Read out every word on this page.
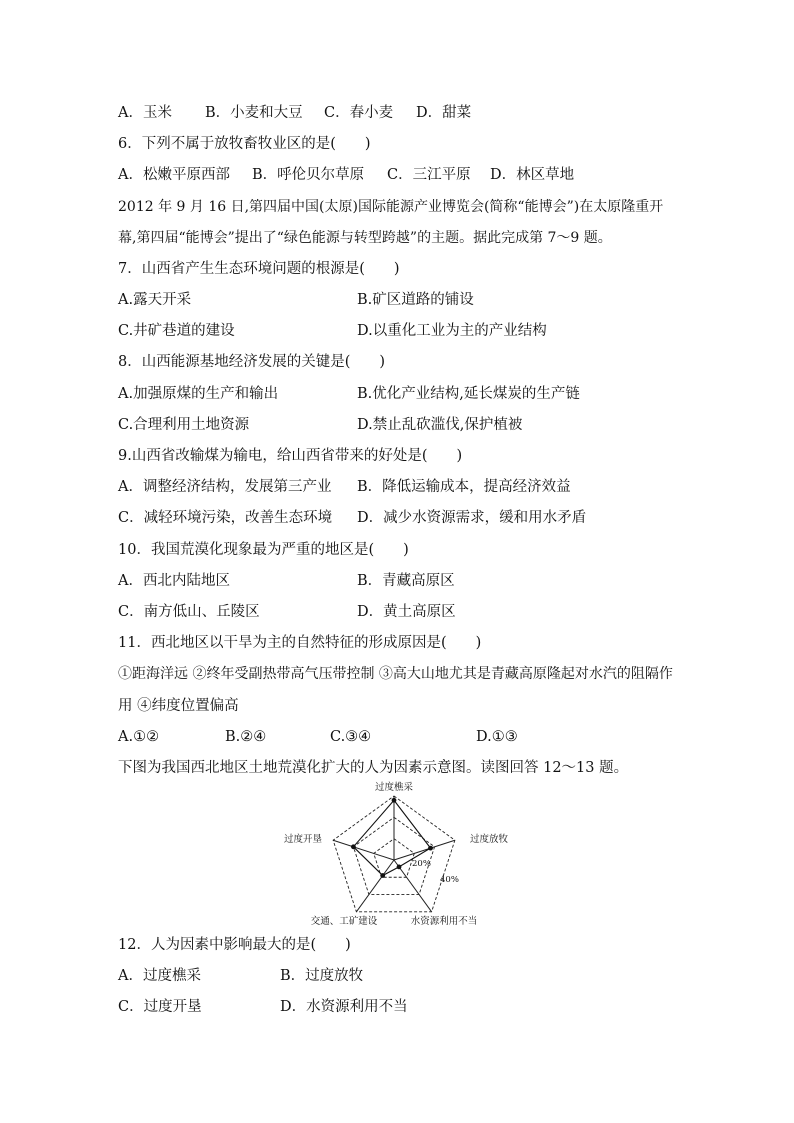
A．玉米 B．小麦和大豆 C．春小麦 D．甜菜
6．下列不属于放牧畜牧业区的是(　　)
A．松嫩平原西部 B．呼伦贝尔草原 C．三江平原 D．林区草地
2012 年 9 月 16 日,第四届中国(太原)国际能源产业博览会(简称“能博会”)在太原隆重开
幕,第四届“能博会”提出了“绿色能源与转型跨越”的主题。据此完成第 7～9 题。
7．山西省产生生态环境问题的根源是(　　)
A.露天开采	B.矿区道路的铺设
C.井矿巷道的建设	D.以重化工业为主的产业结构
8．山西能源基地经济发展的关键是(　　)
A.加强原煤的生产和输出	B.优化产业结构,延长煤炭的生产链
C.合理利用土地资源	D.禁止乱砍滥伐,保护植被
9.山西省改输煤为输电，给山西省带来的好处是(　　)
A．调整经济结构，发展第三产业 B．降低运输成本，提高经济效益
C．减轻环境污染，改善生态环境 D．减少水资源需求，缓和用水矛盾
10．我国荒漠化现象最为严重的地区是(　　)
A．西北内陆地区	B．青藏高原区
C．南方低山、丘陵区	D．黄土高原区
11．西北地区以干旱为主的自然特征的形成原因是(　　)
①距海洋远 ②终年受副热带高气压带控制 ③高大山地尤其是青藏高原隆起对水汽的阻隔作
用 ④纬度位置偏高
A.①②	B.②④	C.③④	D.①③
下图为我国西北地区土地荒漠化扩大的人为因素示意图。读图回答 12～13 题。
过度樵采
过度放牧
水资源利用不当
交通、工矿建设
过度开垦
20%
40%
12．人为因素中影响最大的是(　　)
A．过度樵采	B．过度放牧
C．过度开垦	D．水资源利用不当
